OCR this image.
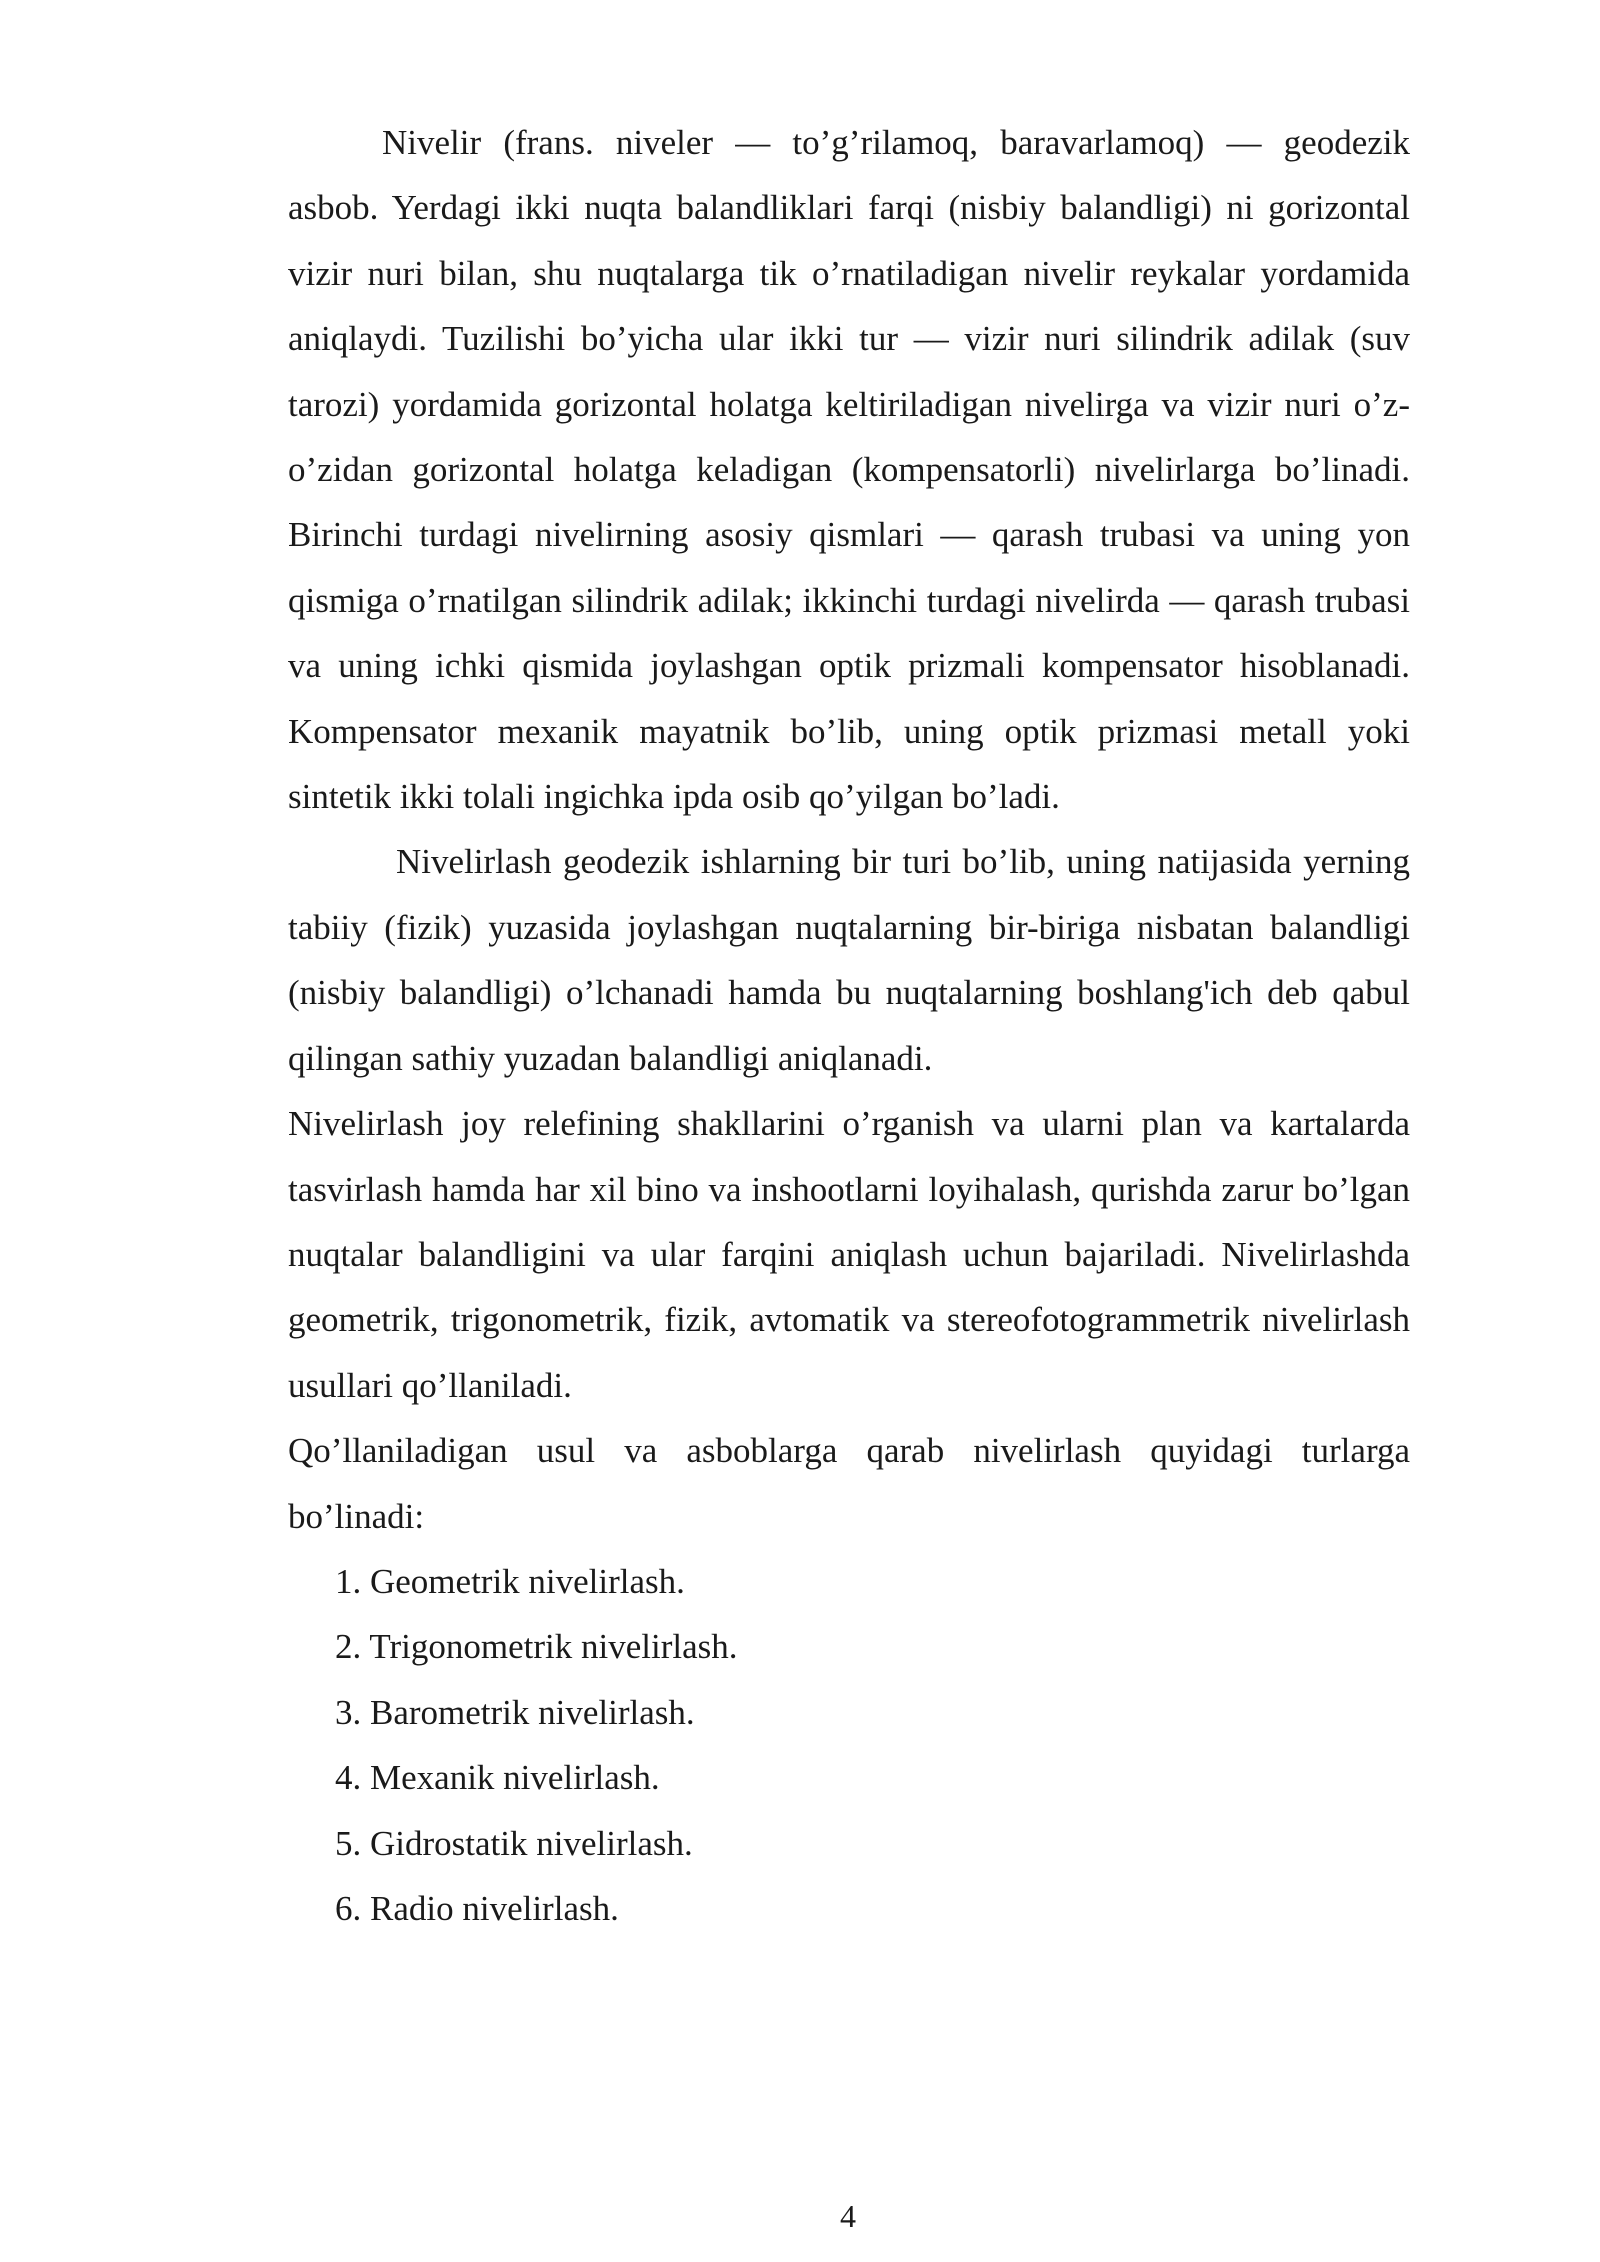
Nivelir (frans. niveler — to’g’rilamoq, baravarlamoq) — geodezik asbob. Yerdagi ikki nuqta balandliklari farqi (nisbiy balandligi) ni gorizontal vizir nuri bilan, shu nuqtalarga tik o’rnatiladigan nivelir reykalar yordamida aniqlaydi. Tuzilishi bo’yicha ular ikki tur — vizir nuri silindrik adilak (suv tarozi) yordamida gorizontal holatga keltiriladigan nivelirga va vizir nuri o’z-o’zidan gorizontal holatga keladigan (kompensatorli) nivelirlarga bo’linadi. Birinchi turdagi nivelirning asosiy qismlari — qarash trubasi va uning yon qismiga o’rnatilgan silindrik adilak; ikkinchi turdagi nivelirda — qarash trubasi va uning ichki qismida joylashgan optik prizmali kompensator hisoblanadi. Kompensator mexanik mayatnik bo’lib, uning optik prizmasi metall yoki sintetik ikki tolali ingichka ipda osib qo’yilgan bo’ladi.

Nivelirlash geodezik ishlarning bir turi bo’lib, uning natijasida yerning tabiiy (fizik) yuzasida joylashgan nuqtalarning bir-biriga nisbatan balandligi (nisbiy balandligi) o’lchanadi hamda bu nuqtalarning boshlang'ich deb qabul qilingan sathiy yuzadan balandligi aniqlanadi.

Nivelirlash joy relefining shakllarini o’rganish va ularni plan va kartalarda tasvirlash hamda har xil bino va inshootlarni loyihalash, qurishda zarur bo’lgan nuqtalar balandligini va ular farqini aniqlash uchun bajariladi. Nivelirlashda geometrik, trigonometrik, fizik, avtomatik va stereofotogrammetrik nivelirlash usullari qo’llaniladi.

Qo’llaniladigan usul va asboblarga qarab nivelirlash quyidagi turlarga bo’linadi:

1. Geometrik nivelirlash.
2. Trigonometrik nivelirlash.
3. Barometrik nivelirlash.
4. Mexanik nivelirlash.
5. Gidrostatik nivelirlash.
6. Radio nivelirlash.
4
